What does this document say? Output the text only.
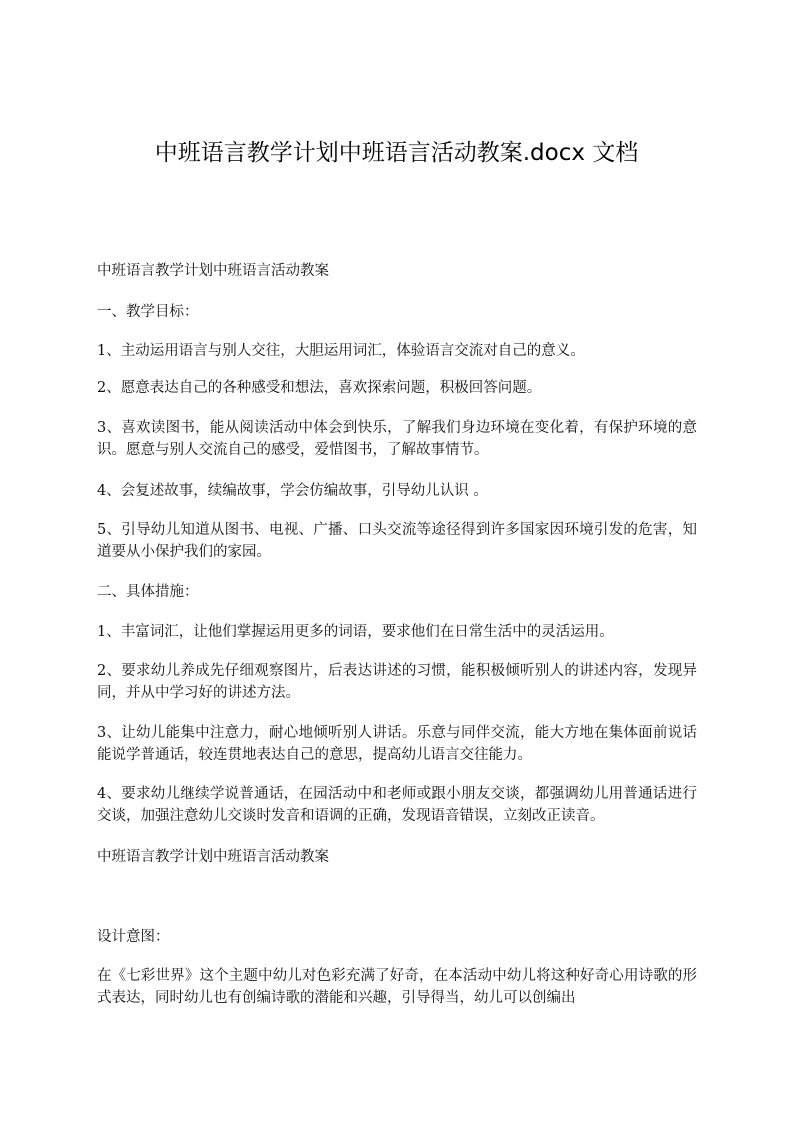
中班语言教学计划中班语言活动教案.docx 文档

中班语言教学计划中班语言活动教案

一、教学目标：

1、主动运用语言与别人交往，大胆运用词汇，体验语言交流对自己的意义。

2、愿意表达自己的各种感受和想法，喜欢探索问题，积极回答问题。

3、喜欢读图书，能从阅读活动中体会到快乐，了解我们身边环境在变化着，有保护环境的意识。愿意与别人交流自己的感受，爱惜图书，了解故事情节。

4、会复述故事，续编故事，学会仿编故事，引导幼儿认识 。

5、引导幼儿知道从图书、电视、广播、口头交流等途径得到许多国家因环境引发的危害，知道要从小保护我们的家园。

二、具体措施：

1、丰富词汇，让他们掌握运用更多的词语，要求他们在日常生活中的灵活运用。

2、要求幼儿养成先仔细观察图片，后表达讲述的习惯，能积极倾听别人的讲述内容，发现异同，并从中学习好的讲述方法。

3、让幼儿能集中注意力，耐心地倾听别人讲话。乐意与同伴交流，能大方地在集体面前说话能说学普通话，较连贯地表达自己的意思，提高幼儿语言交往能力。

4、要求幼儿继续学说普通话，在园活动中和老师或跟小朋友交谈，都强调幼儿用普通话进行交谈，加强注意幼儿交谈时发音和语调的正确，发现语音错误，立刻改正读音。

中班语言教学计划中班语言活动教案

设计意图：

在《七彩世界》这个主题中幼儿对色彩充满了好奇，在本活动中幼儿将这种好奇心用诗歌的形式表达，同时幼儿也有创编诗歌的潜能和兴趣，引导得当，幼儿可以创编出
